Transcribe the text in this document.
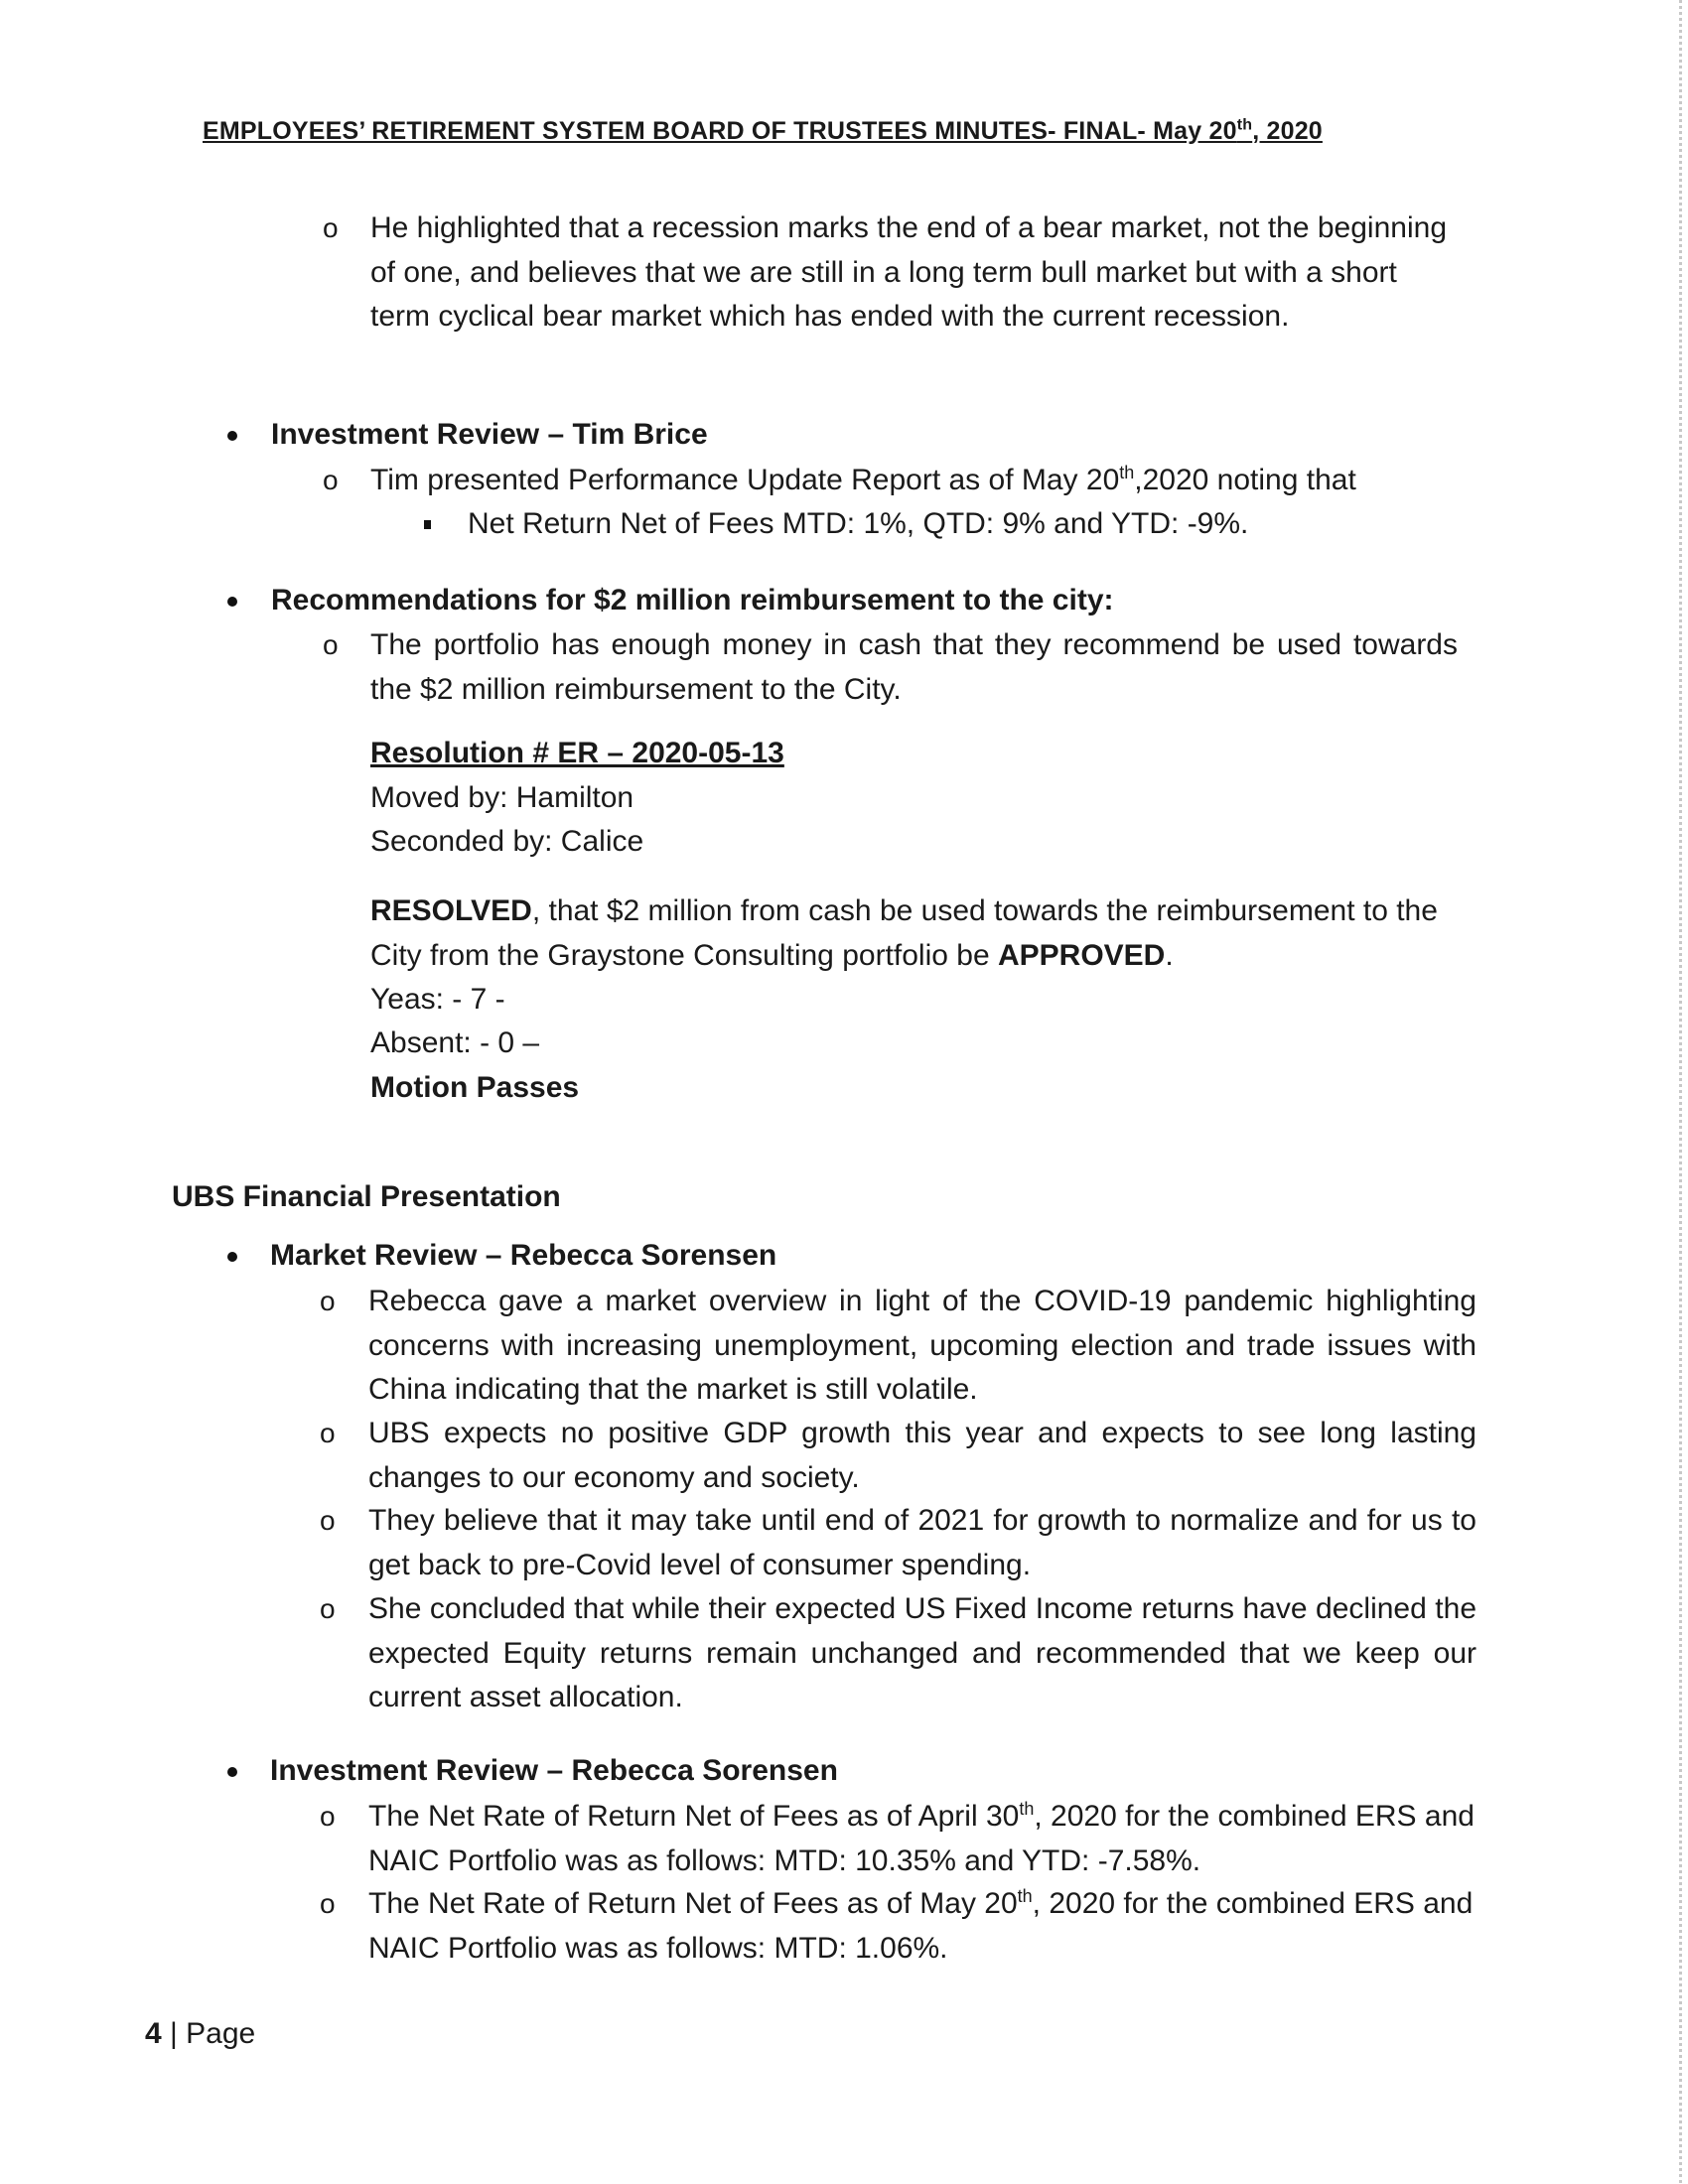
EMPLOYEES’ RETIREMENT SYSTEM BOARD OF TRUSTEES MINUTES- FINAL- May 20th, 2020
o He highlighted that a recession marks the end of a bear market, not the beginning of one, and believes that we are still in a long term bull market but with a short term cyclical bear market which has ended with the current recession.
Investment Review – Tim Brice
o Tim presented Performance Update Report as of May 20th,2020 noting that
Net Return Net of Fees MTD: 1%, QTD: 9% and YTD: -9%.
Recommendations for $2 million reimbursement to the city:
o The portfolio has enough money in cash that they recommend be used towards the $2 million reimbursement to the City.
Resolution # ER – 2020-05-13
Moved by: Hamilton
Seconded by: Calice
RESOLVED, that $2 million from cash be used towards the reimbursement to the City from the Graystone Consulting portfolio be APPROVED.
Yeas: - 7 -
Absent: - 0 –
Motion Passes
UBS Financial Presentation
Market Review – Rebecca Sorensen
o Rebecca gave a market overview in light of the COVID-19 pandemic highlighting concerns with increasing unemployment, upcoming election and trade issues with China indicating that the market is still volatile.
o UBS expects no positive GDP growth this year and expects to see long lasting changes to our economy and society.
o They believe that it may take until end of 2021 for growth to normalize and for us to get back to pre-Covid level of consumer spending.
o She concluded that while their expected US Fixed Income returns have declined the expected Equity returns remain unchanged and recommended that we keep our current asset allocation.
Investment Review – Rebecca Sorensen
o The Net Rate of Return Net of Fees as of April 30th, 2020 for the combined ERS and NAIC Portfolio was as follows: MTD: 10.35% and YTD: -7.58%.
o The Net Rate of Return Net of Fees as of May 20th, 2020 for the combined ERS and NAIC Portfolio was as follows: MTD: 1.06%.
4 | Page
